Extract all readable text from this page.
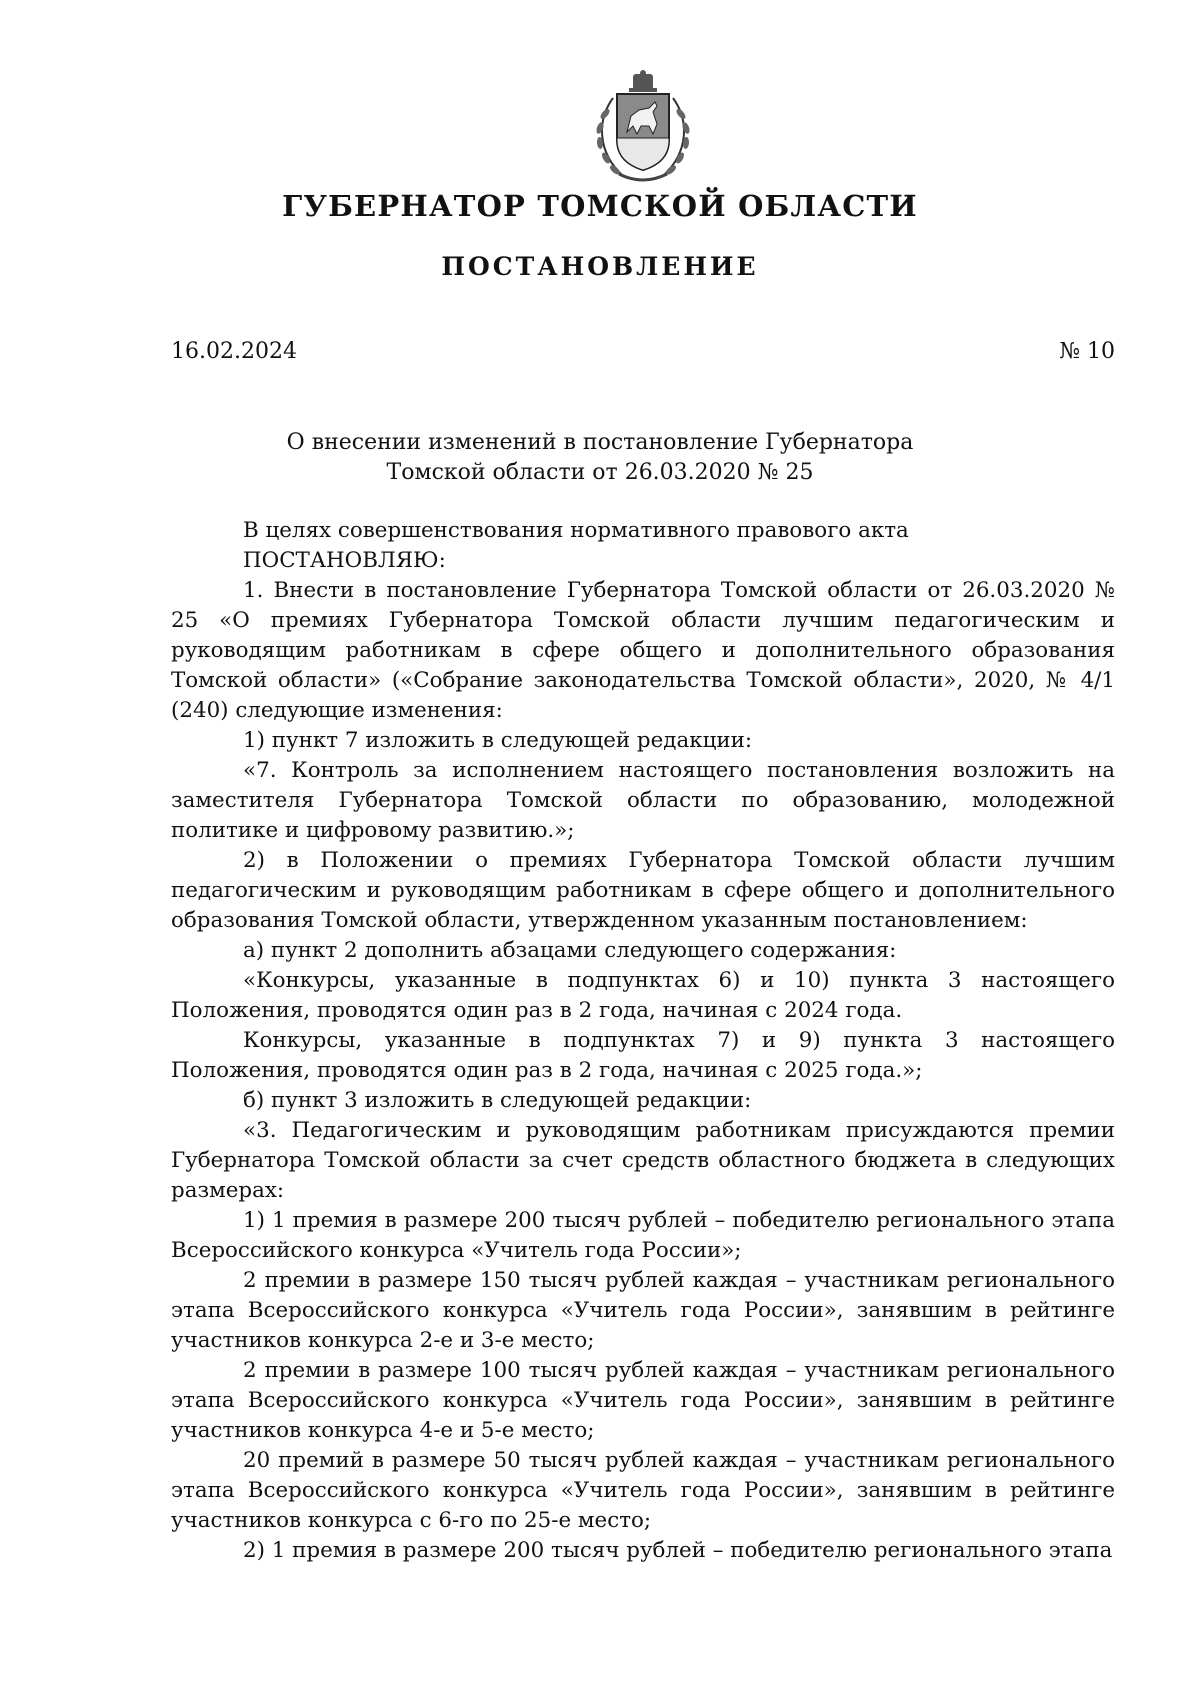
ГУБЕРНАТОР ТОМСКОЙ ОБЛАСТИ
ПОСТАНОВЛЕНИЕ
16.02.2024	№ 10
О внесении изменений в постановление Губернатора
Томской области от 26.03.2020 № 25

В целях совершенствования нормативного правового акта

ПОСТАНОВЛЯЮ:

1. Внести в постановление Губернатора Томской области от 26.03.2020 № 25 «О премиях Губернатора Томской области лучшим педагогическим и руководящим работникам в сфере общего и дополнительного образования Томской области» («Собрание законодательства Томской области», 2020, № 4/1 (240) следующие изменения:

1) пункт 7 изложить в следующей редакции:

«7. Контроль за исполнением настоящего постановления возложить на заместителя Губернатора Томской области по образованию, молодежной политике и цифровому развитию.»;

2) в Положении о премиях Губернатора Томской области лучшим педагогическим и руководящим работникам в сфере общего и дополнительного образования Томской области, утвержденном указанным постановлением:

а) пункт 2 дополнить абзацами следующего содержания:

«Конкурсы, указанные в подпунктах 6) и 10) пункта 3 настоящего Положения, проводятся один раз в 2 года, начиная с 2024 года.

Конкурсы, указанные в подпунктах 7) и 9) пункта 3 настоящего Положения, проводятся один раз в 2 года, начиная с 2025 года.»;

б) пункт 3 изложить в следующей редакции:

«3. Педагогическим и руководящим работникам присуждаются премии Губернатора Томской области за счет средств областного бюджета в следующих размерах:

1) 1 премия в размере 200 тысяч рублей – победителю регионального этапа Всероссийского конкурса «Учитель года России»;

2 премии в размере 150 тысяч рублей каждая – участникам регионального этапа Всероссийского конкурса «Учитель года России», занявшим в рейтинге участников конкурса 2-е и 3-е место;

2 премии в размере 100 тысяч рублей каждая – участникам регионального этапа Всероссийского конкурса «Учитель года России», занявшим в рейтинге участников конкурса 4-е и 5-е место;

20 премий в размере 50 тысяч рублей каждая – участникам регионального этапа Всероссийского конкурса «Учитель года России», занявшим в рейтинге участников конкурса с 6-го по 25-е место;

2) 1 премия в размере 200 тысяч рублей – победителю регионального этапа
